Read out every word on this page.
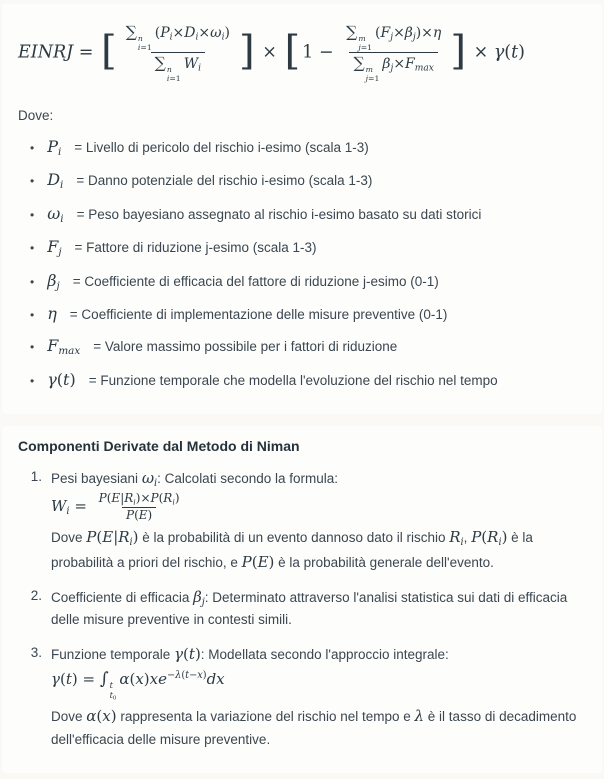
EINRJ = [ ∑ n
i=1
(Pi×Di×ωi)
∑ n
i=1
Wi ] × [ 1 −
∑ m
j=1
(Fj×βj)×η
∑ m
j=1
βj×Fmax ] × γ(t)

Dove:

• Pi = Livello di pericolo del rischio i-esimo (scala 1-3)
• Di = Danno potenziale del rischio i-esimo (scala 1-3)
• ωi = Peso bayesiano assegnato al rischio i-esimo basato su dati storici
• Fj = Fattore di riduzione j-esimo (scala 1-3)
• βj = Coefficiente di efficacia del fattore di riduzione j-esimo (0-1)
• η = Coefficiente di implementazione delle misure preventive (0-1)
• Fmax = Valore massimo possibile per i fattori di riduzione
• γ(t) = Funzione temporale che modella l'evoluzione del rischio nel tempo
Componenti Derivate dal Metodo di Niman
1. Pesi bayesiani ωi: Calcolati secondo la formula:
$Wi = \frac{P(E|Ri)\times P(Ri)}{P(E)}$
Dove P(E|Ri) è la probabilità di un evento dannoso dato il rischio Ri, P(Ri) è la probabilità a priori del rischio, e P(E) è la probabilità generale dell'evento.
2. Coefficiente di efficacia βj: Determinato attraverso l'analisi statistica sui dati di efficacia delle misure preventive in contesti simili.
3. Funzione temporale γ(t): Modellata secondo l'approccio integrale:
γ(t) = ∫ t
t0
$\alpha(x)xe^{-\lambda(t-x)}dx$
Dove α(x) rappresenta la variazione del rischio nel tempo e λ è il tasso di decadimento dell'efficacia delle misure preventive.
